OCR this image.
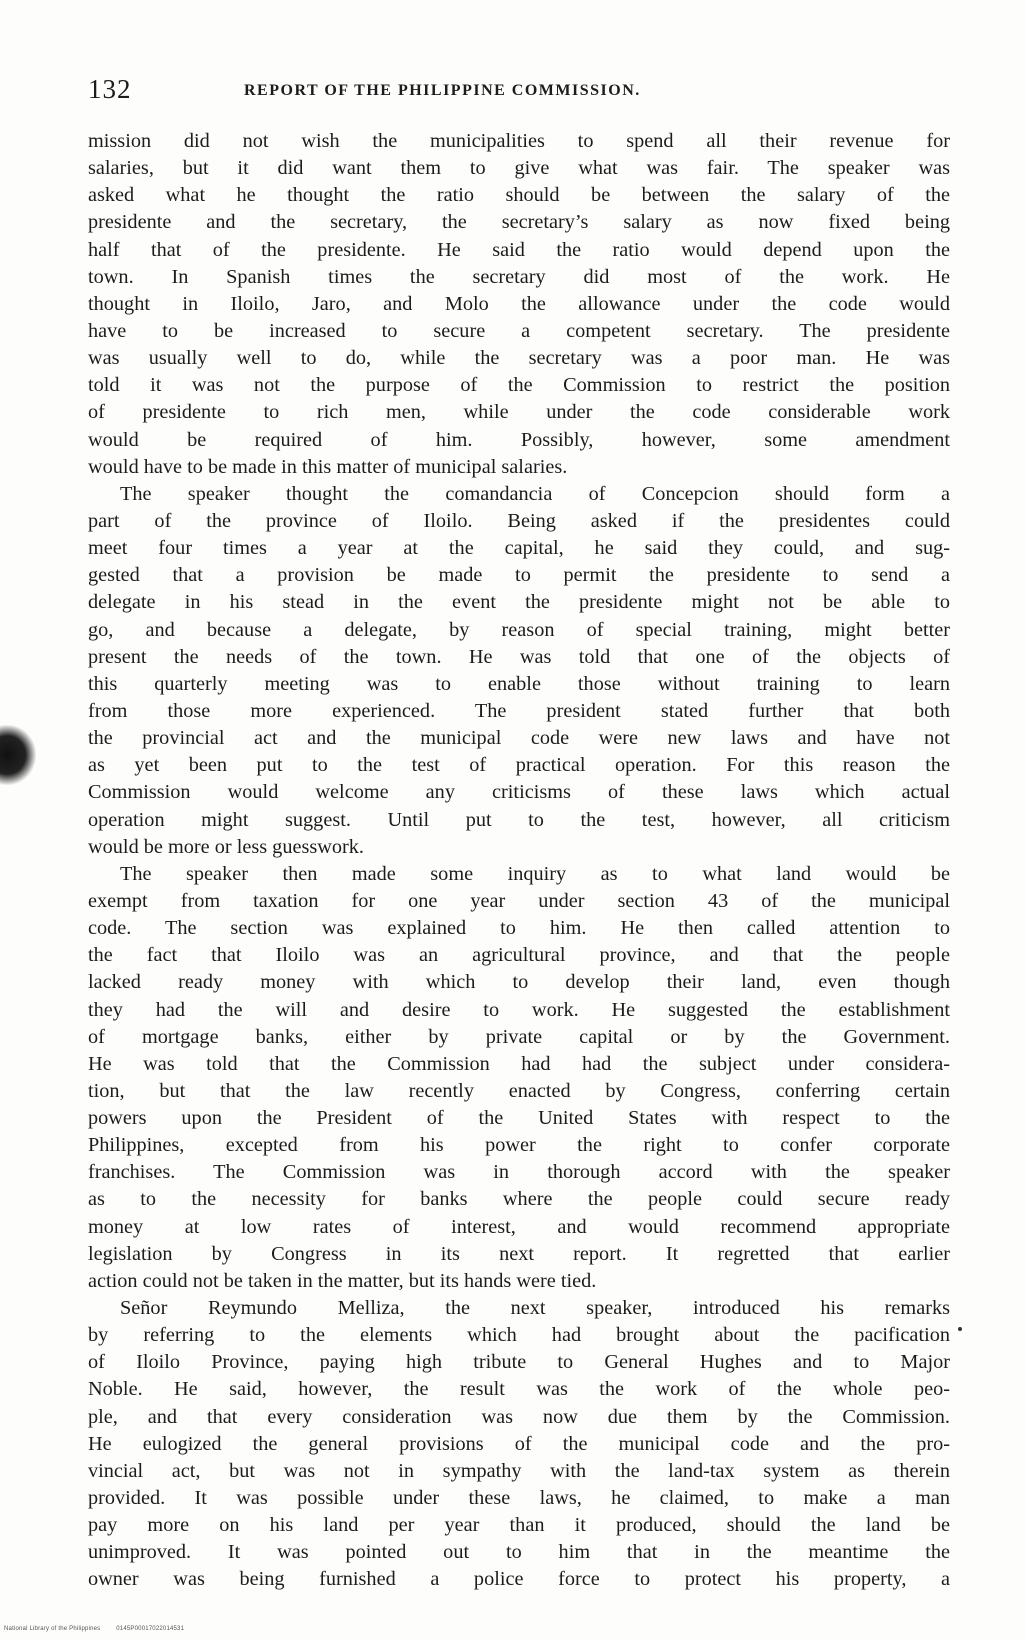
132	REPORT OF THE PHILIPPINE COMMISSION.
mission did not wish the municipalities to spend all their revenue for
salaries, but it did want them to give what was fair. The speaker was
asked what he thought the ratio should be between the salary of the
presidente and the secretary, the secretary’s salary as now fixed being
half that of the presidente. He said the ratio would depend upon the
town. In Spanish times the secretary did most of the work. He
thought in Iloilo, Jaro, and Molo the allowance under the code would
have to be increased to secure a competent secretary. The presidente
was usually well to do, while the secretary was a poor man. He was
told it was not the purpose of the Commission to restrict the position
of presidente to rich men, while under the code considerable work
would be required of him. Possibly, however, some amendment
would have to be made in this matter of municipal salaries.
The speaker thought the comandancia of Concepcion should form a
part of the province of Iloilo. Being asked if the presidentes could
meet four times a year at the capital, he said they could, and sug-
gested that a provision be made to permit the presidente to send a
delegate in his stead in the event the presidente might not be able to
go, and because a delegate, by reason of special training, might better
present the needs of the town. He was told that one of the objects of
this quarterly meeting was to enable those without training to learn
from those more experienced. The president stated further that both
the provincial act and the municipal code were new laws and have not
as yet been put to the test of practical operation. For this reason the
Commission would welcome any criticisms of these laws which actual
operation might suggest. Until put to the test, however, all criticism
would be more or less guesswork.
The speaker then made some inquiry as to what land would be
exempt from taxation for one year under section 43 of the municipal
code. The section was explained to him. He then called attention to
the fact that Iloilo was an agricultural province, and that the people
lacked ready money with which to develop their land, even though
they had the will and desire to work. He suggested the establishment
of mortgage banks, either by private capital or by the Government.
He was told that the Commission had had the subject under considera-
tion, but that the law recently enacted by Congress, conferring certain
powers upon the President of the United States with respect to the
Philippines, excepted from his power the right to confer corporate
franchises. The Commission was in thorough accord with the speaker
as to the necessity for banks where the people could secure ready
money at low rates of interest, and would recommend appropriate
legislation by Congress in its next report. It regretted that earlier
action could not be taken in the matter, but its hands were tied.
Señor Reymundo Melliza, the next speaker, introduced his remarks
by referring to the elements which had brought about the pacification
of Iloilo Province, paying high tribute to General Hughes and to Major
Noble. He said, however, the result was the work of the whole peo-
ple, and that every consideration was now due them by the Commission.
He eulogized the general provisions of the municipal code and the pro-
vincial act, but was not in sympathy with the land-tax system as therein
provided. It was possible under these laws, he claimed, to make a man
pay more on his land per year than it produced, should the land be
unimproved. It was pointed out to him that in the meantime the
owner was being furnished a police force to protect his property, a
National Library of the Philippines	0145P00017022014531
